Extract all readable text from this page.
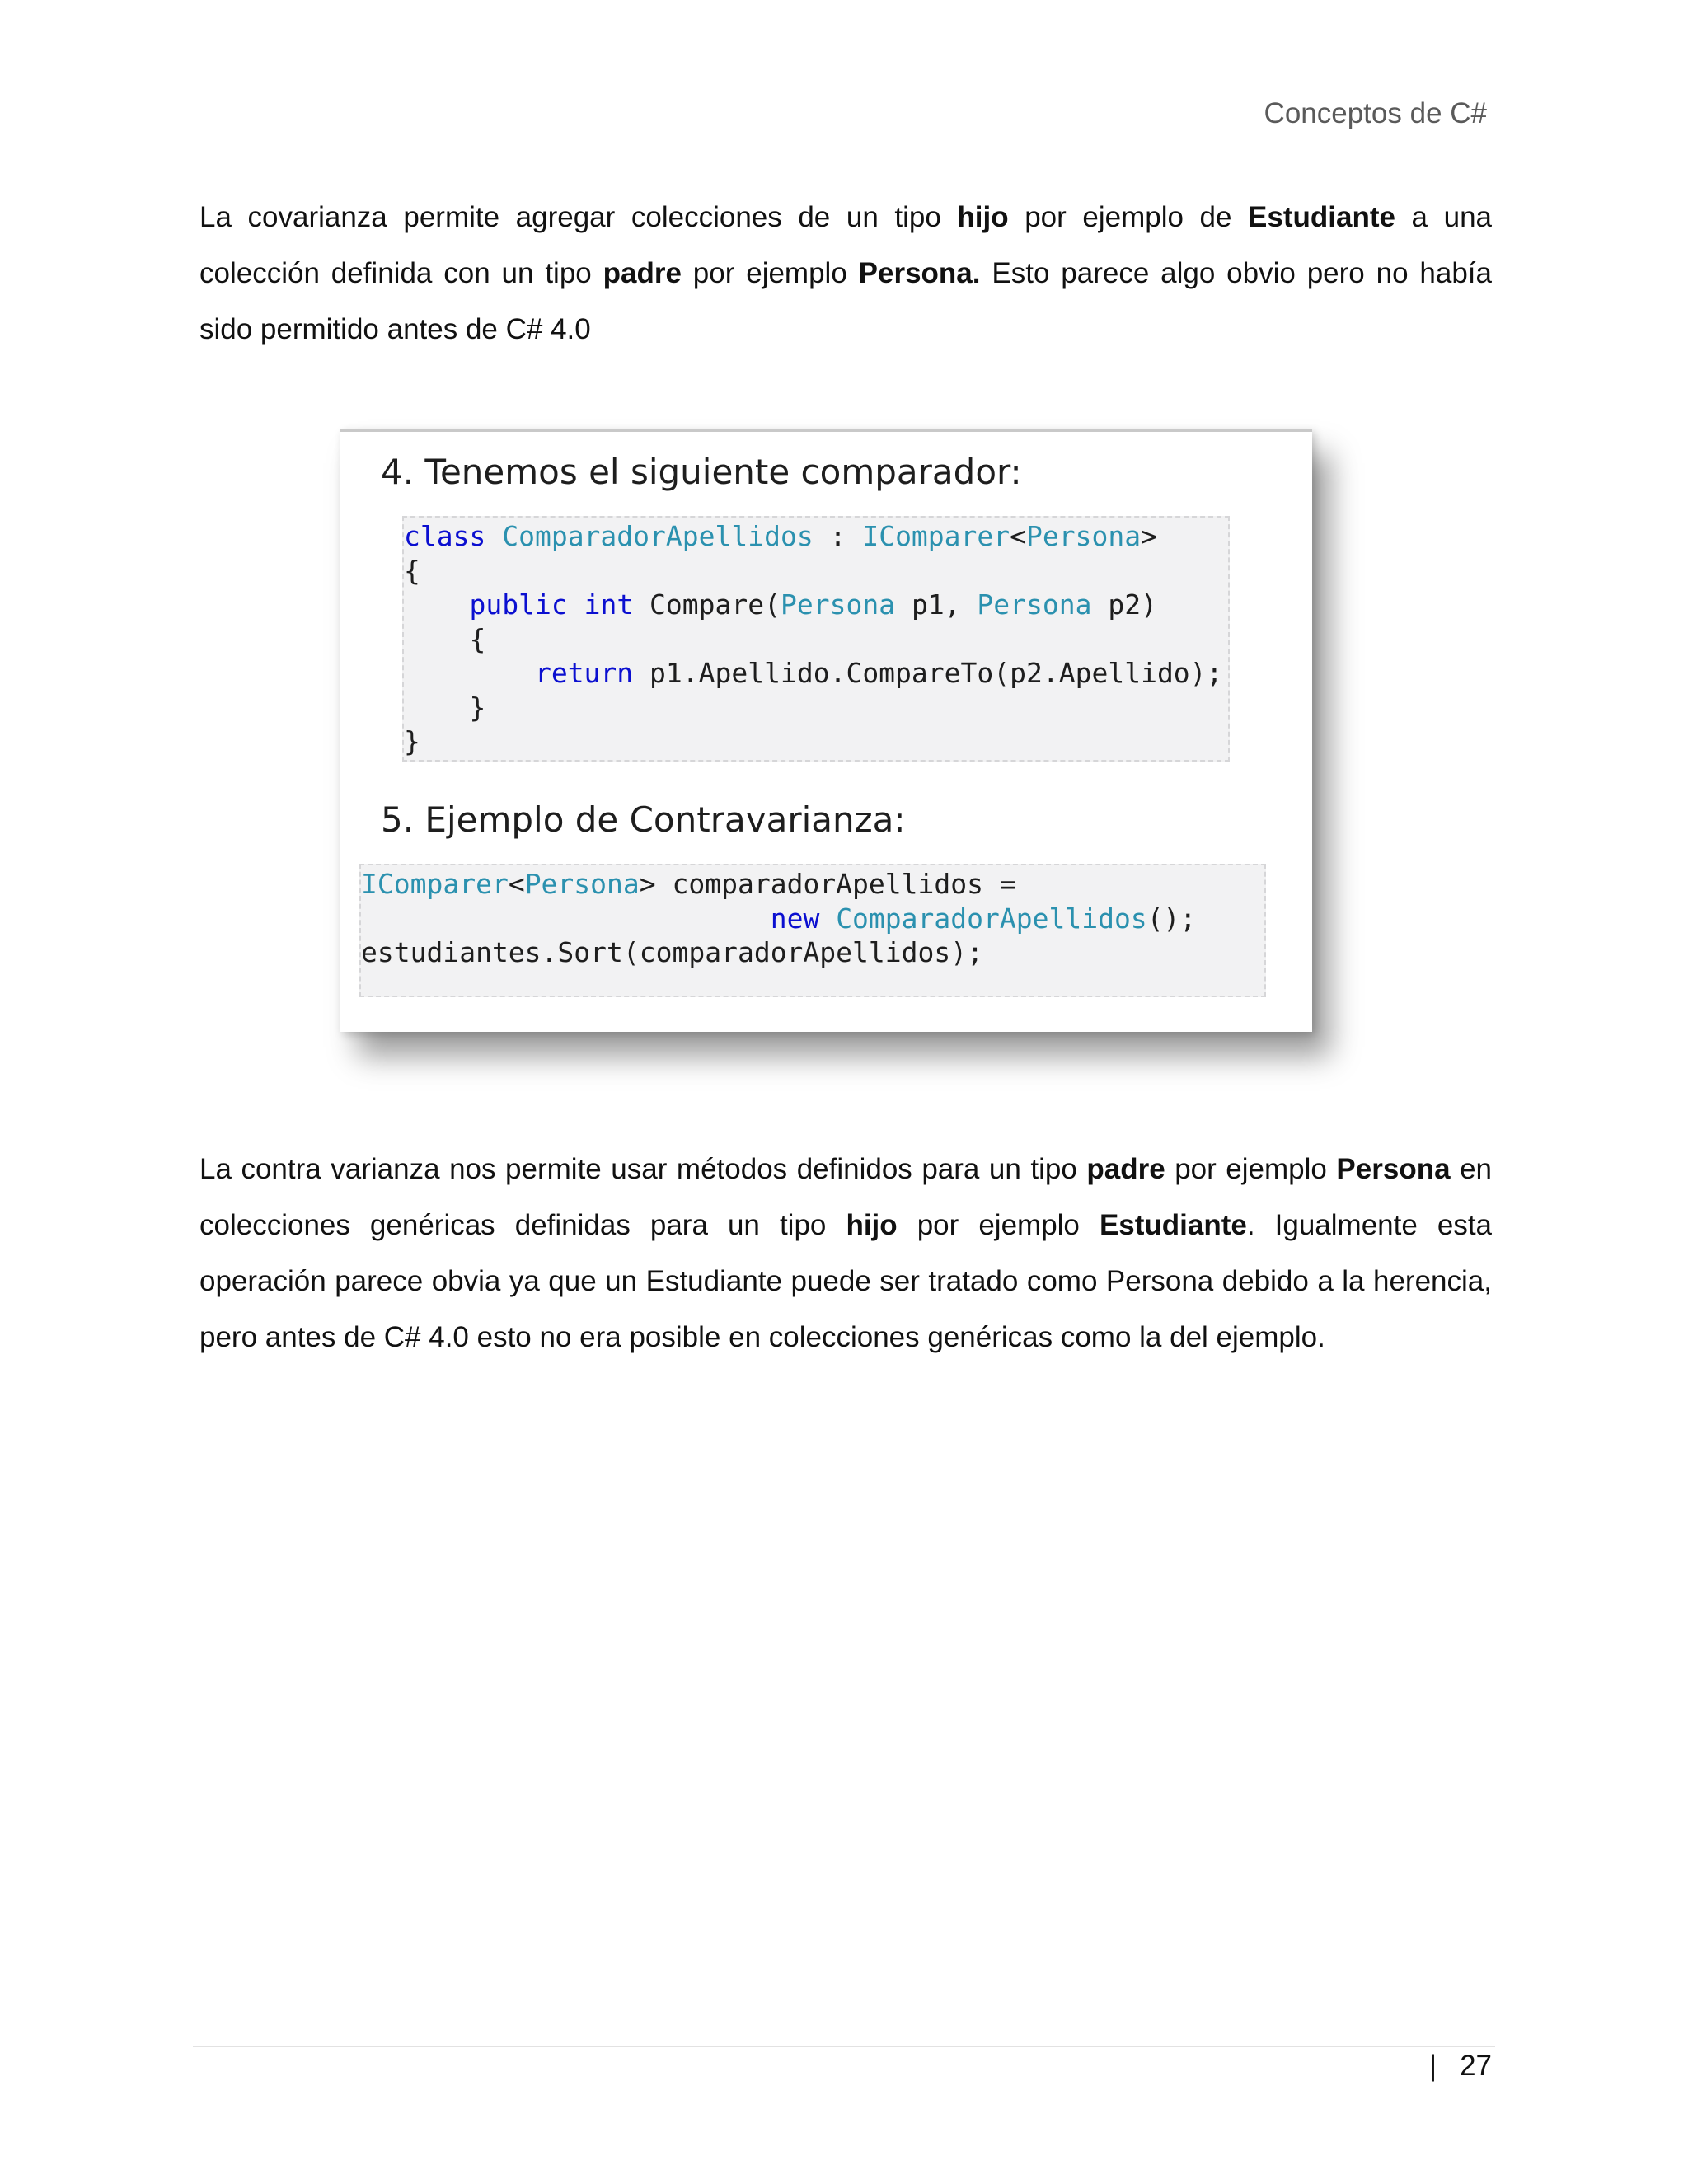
Conceptos de C#

La covarianza permite agregar colecciones de un tipo hijo por ejemplo de Estudiante a una colección definida con un tipo padre por ejemplo Persona. Esto parece algo obvio pero no había sido permitido antes de C# 4.0

4. Tenemos el siguiente comparador:
class ComparadorApellidos : IComparer<Persona>
{
public int Compare(Persona p1, Persona p2)
{
return p1.Apellido.CompareTo(p2.Apellido);
}
}
5. Ejemplo de Contravarianza:
IComparer<Persona> comparadorApellidos =
new ComparadorApellidos();
estudiantes.Sort(comparadorApellidos);

La contra varianza nos permite usar métodos definidos para un tipo padre por ejemplo Persona en colecciones genéricas definidas para un tipo hijo por ejemplo Estudiante. Igualmente esta operación parece obvia ya que un Estudiante puede ser tratado como Persona debido a la herencia, pero antes de C# 4.0 esto no era posible en colecciones genéricas como la del ejemplo.

| 27
